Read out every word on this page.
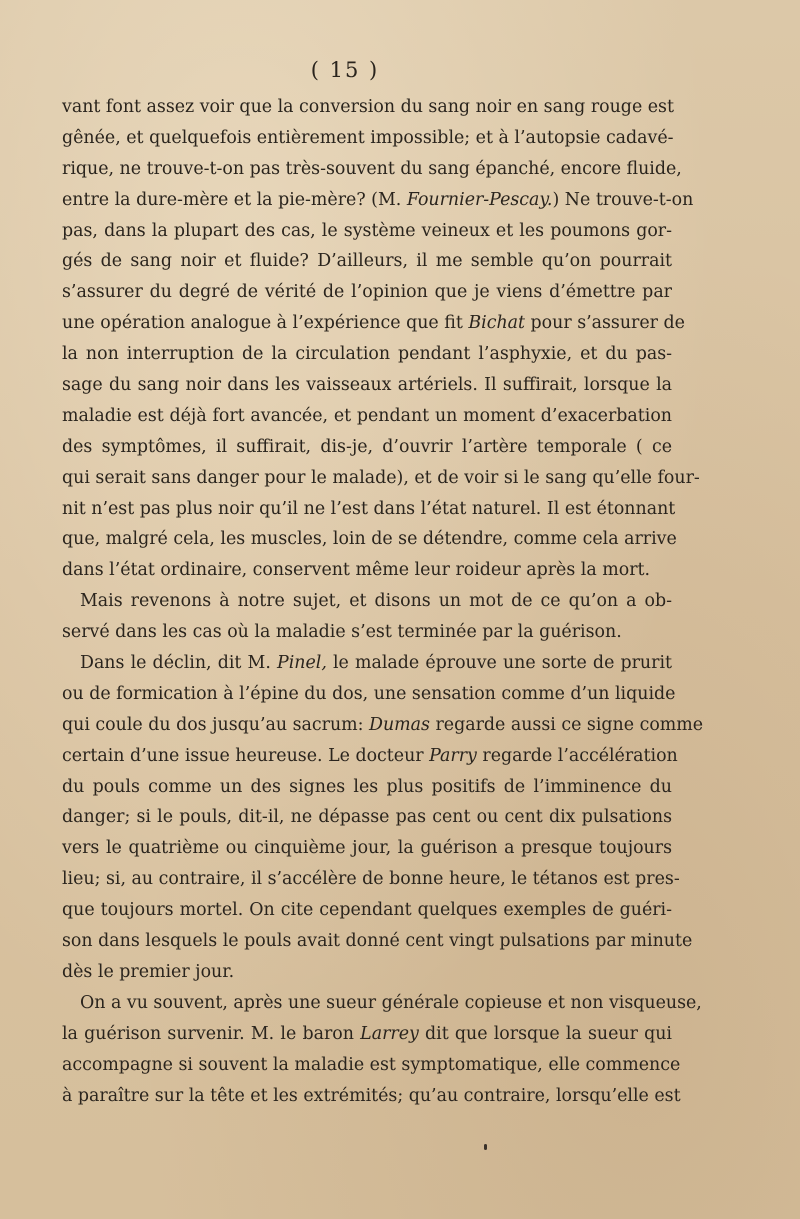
( 15 )
vant font assez voir que la conversion du sang noir en sang rouge est
gênée, et quelquefois entièrement impossible; et à l’autopsie cadavé-
rique, ne trouve-t-on pas très-souvent du sang épanché, encore fluide,
entre la dure-mère et la pie-mère? (M. Fournier-Pescay.) Ne trouve-t-on
pas, dans la plupart des cas, le système veineux et les poumons gor-
gés de sang noir et fluide? D’ailleurs, il me semble qu’on pourrait
s’assurer du degré de vérité de l’opinion que je viens d’émettre par
une opération analogue à l’expérience que fit Bichat pour s’assurer de
la non interruption de la circulation pendant l’asphyxie, et du pas-
sage du sang noir dans les vaisseaux artériels. Il suffirait, lorsque la
maladie est déjà fort avancée, et pendant un moment d’exacerbation
des symptômes, il suffirait, dis-je, d’ouvrir l’artère temporale ( ce
qui serait sans danger pour le malade), et de voir si le sang qu’elle four-
nit n’est pas plus noir qu’il ne l’est dans l’état naturel. Il est étonnant
que, malgré cela, les muscles, loin de se détendre, comme cela arrive
dans l’état ordinaire, conservent même leur roideur après la mort.
Mais revenons à notre sujet, et disons un mot de ce qu’on a ob-
servé dans les cas où la maladie s’est terminée par la guérison.
Dans le déclin, dit M. Pinel, le malade éprouve une sorte de prurit
ou de formication à l’épine du dos, une sensation comme d’un liquide
qui coule du dos jusqu’au sacrum: Dumas regarde aussi ce signe comme
certain d’une issue heureuse. Le docteur Parry regarde l’accélération
du pouls comme un des signes les plus positifs de l’imminence du
danger; si le pouls, dit-il, ne dépasse pas cent ou cent dix pulsations
vers le quatrième ou cinquième jour, la guérison a presque toujours
lieu; si, au contraire, il s’accélère de bonne heure, le tétanos est pres-
que toujours mortel. On cite cependant quelques exemples de guéri-
son dans lesquels le pouls avait donné cent vingt pulsations par minute
dès le premier jour.
On a vu souvent, après une sueur générale copieuse et non visqueuse,
la guérison survenir. M. le baron Larrey dit que lorsque la sueur qui
accompagne si souvent la maladie est symptomatique, elle commence
à paraître sur la tête et les extrémités; qu’au contraire, lorsqu’elle est
